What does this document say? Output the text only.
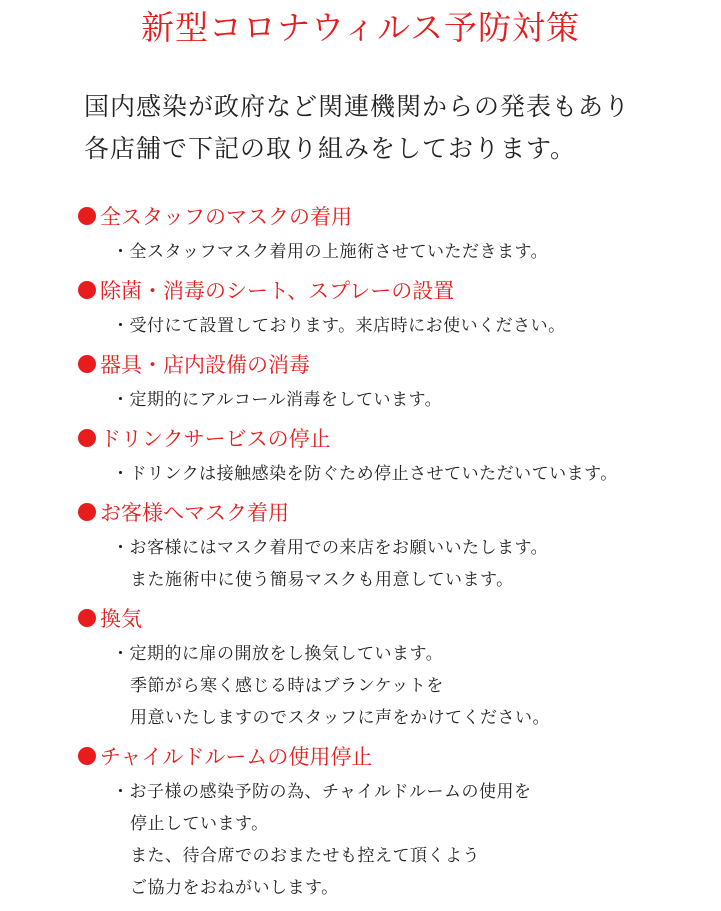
新型コロナウィルス予防対策
国内感染が政府など関連機関からの発表もあり
各店舗で下記の取り組みをしております。
全スタッフのマスクの着用
・全スタッフマスク着用の上施術させていただきます。
除菌・消毒のシート、スプレーの設置
・受付にて設置しております。来店時にお使いください。
器具・店内設備の消毒
・定期的にアルコール消毒をしています。
ドリンクサービスの停止
・ドリンクは接触感染を防ぐため停止させていただいています。
お客様へマスク着用
・お客様にはマスク着用での来店をお願いいたします。
また施術中に使う簡易マスクも用意しています。
換気
・定期的に扉の開放をし換気しています。
季節がら寒く感じる時はブランケットを
用意いたしますのでスタッフに声をかけてください。
チャイルドルームの使用停止
・お子様の感染予防の為、チャイルドルームの使用を
停止しています。
また、待合席でのおまたせも控えて頂くよう
ご協力をおねがいします。
